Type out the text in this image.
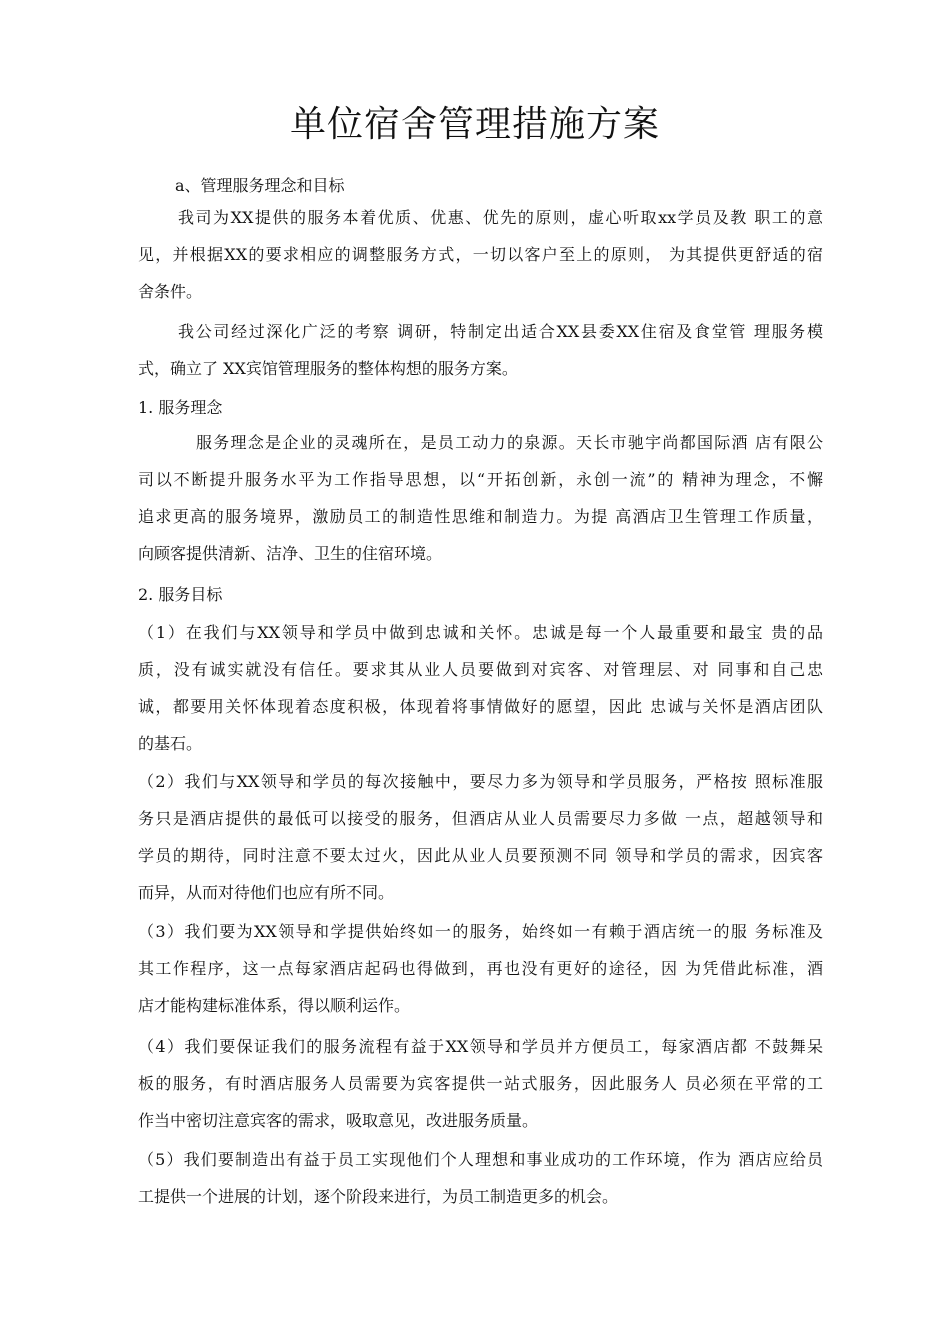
单位宿舍管理措施方案
a、管理服务理念和目标
我司为XX提供的服务本着优质、优惠、优先的原则，虚心听取xx学员及教 职工的意
见，并根据XX的要求相应的调整服务方式，一切以客户至上的原则， 为其提供更舒适的宿
舍条件。
我公司经过深化广泛的考察 调研，特制定出适合XX县委XX住宿及食堂管 理服务模
式，确立了 XX宾馆管理服务的整体构想的服务方案。
1. 服务理念
服务理念是企业的灵魂所在，是员工动力的泉源。天长市驰宇尚都国际酒 店有限公
司以不断提升服务水平为工作指导思想，以“开拓创新，永创一流”的 精神为理念，不懈
追求更高的服务境界，激励员工的制造性思维和制造力。为提 高酒店卫生管理工作质量，
向顾客提供清新、洁净、卫生的住宿环境。
2. 服务目标
（1）在我们与XX领导和学员中做到忠诚和关怀。忠诚是每一个人最重要和最宝 贵的品
质，没有诚实就没有信任。要求其从业人员要做到对宾客、对管理层、对 同事和自己忠
诚，都要用关怀体现着态度积极，体现着将事情做好的愿望，因此 忠诚与关怀是酒店团队
的基石。
（2）我们与XX领导和学员的每次接触中，要尽力多为领导和学员服务，严格按 照标准服
务只是酒店提供的最低可以接受的服务，但酒店从业人员需要尽力多做 一点，超越领导和
学员的期待，同时注意不要太过火，因此从业人员要预测不同 领导和学员的需求，因宾客
而异，从而对待他们也应有所不同。
（3）我们要为XX领导和学提供始终如一的服务，始终如一有赖于酒店统一的服 务标准及
其工作程序，这一点每家酒店起码也得做到，再也没有更好的途径，因 为凭借此标准，酒
店才能构建标准体系，得以顺利运作。
（4）我们要保证我们的服务流程有益于XX领导和学员并方便员工，每家酒店都 不鼓舞呆
板的服务，有时酒店服务人员需要为宾客提供一站式服务，因此服务人 员必须在平常的工
作当中密切注意宾客的需求，吸取意见，改进服务质量。
（5）我们要制造出有益于员工实现他们个人理想和事业成功的工作环境，作为 酒店应给员
工提供一个进展的计划，逐个阶段来进行，为员工制造更多的机会。
